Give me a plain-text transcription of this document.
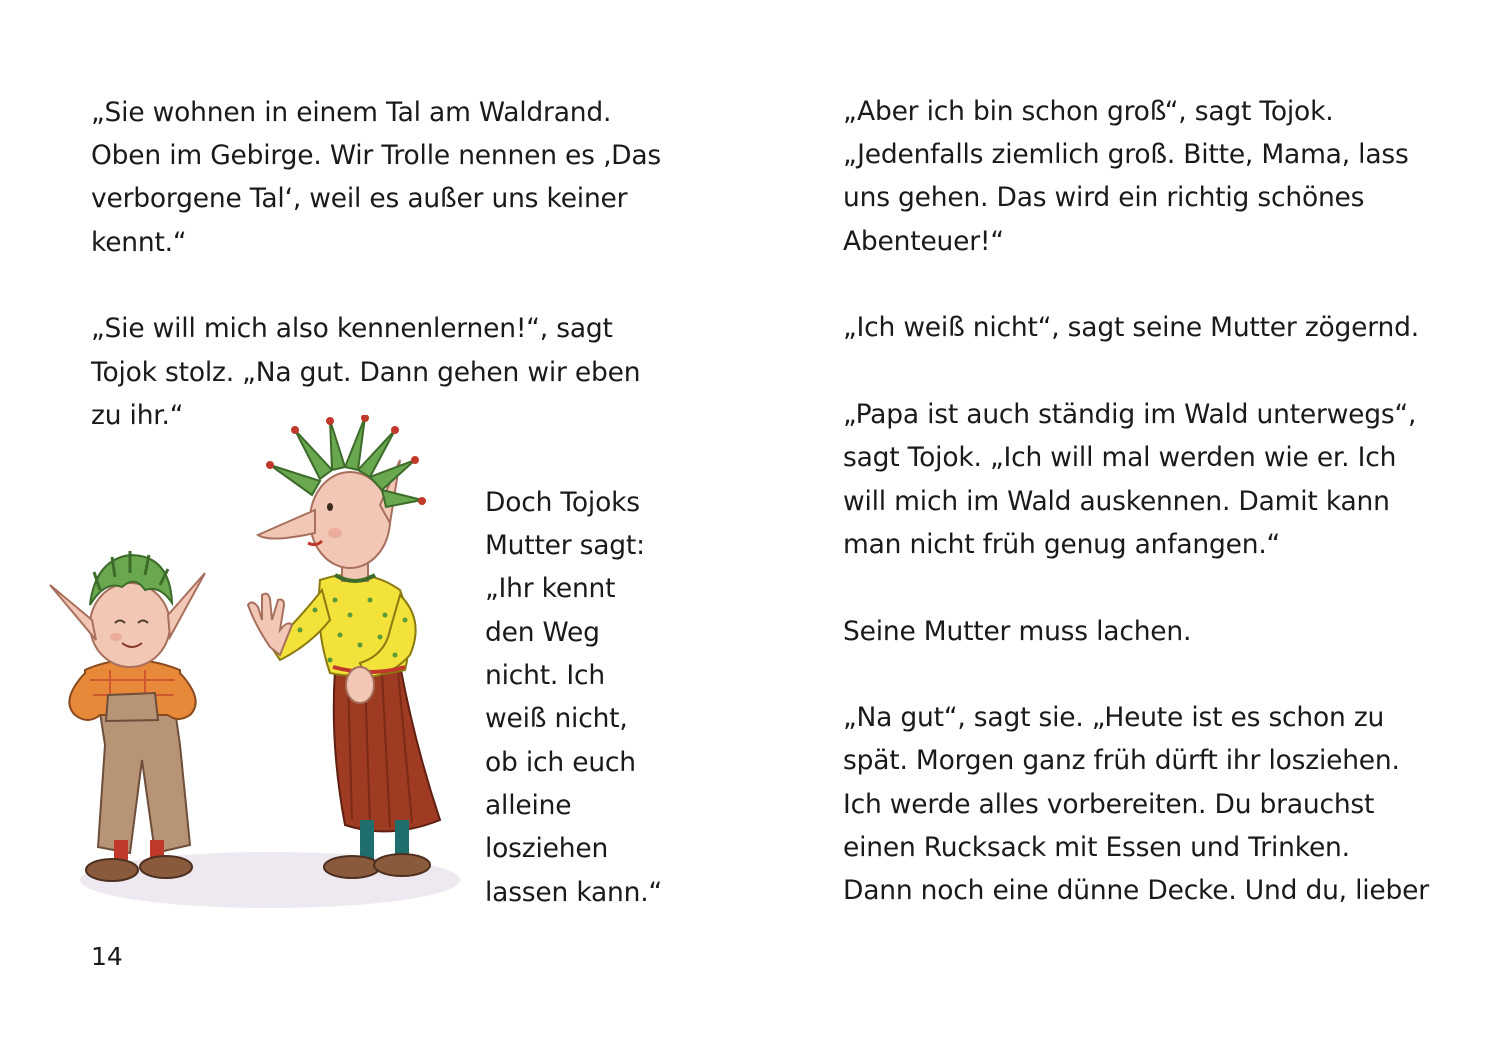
„Sie wohnen in einem Tal am Waldrand.
Oben im Gebirge. Wir Trolle nennen es ‚Das
verborgene Tal‘, weil es außer uns keiner
kennt.“
„Sie will mich also kennenlernen!“, sagt
Tojok stolz. „Na gut. Dann gehen wir eben
zu ihr.“
Doch Tojoks
Mutter sagt:
„Ihr kennt
den Weg
nicht. Ich
weiß nicht,
ob ich euch
alleine
losziehen
lassen kann.“
14
„Aber ich bin schon groß“, sagt Tojok.
„Jedenfalls ziemlich groß. Bitte, Mama, lass
uns gehen. Das wird ein richtig schönes
Abenteuer!“
„Ich weiß nicht“, sagt seine Mutter zögernd.
„Papa ist auch ständig im Wald unterwegs“,
sagt Tojok. „Ich will mal werden wie er. Ich
will mich im Wald auskennen. Damit kann
man nicht früh genug anfangen.“
Seine Mutter muss lachen.
„Na gut“, sagt sie. „Heute ist es schon zu
spät. Morgen ganz früh dürft ihr losziehen.
Ich werde alles vorbereiten. Du brauchst
einen Rucksack mit Essen und Trinken.
Dann noch eine dünne Decke. Und du, lieber
